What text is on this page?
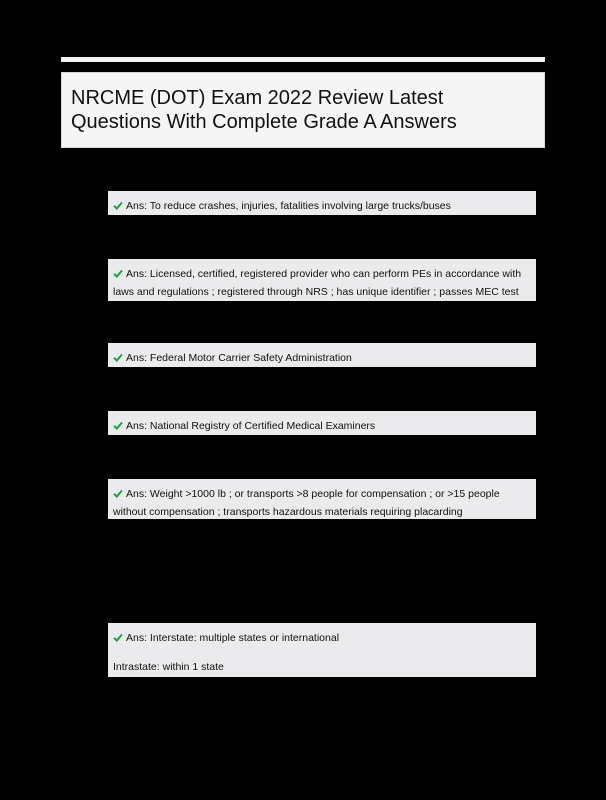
NRCME (DOT) Exam 2022 Review Latest Questions With Complete Grade A Answers

Ans: To reduce crashes, injuries, fatalities involving large trucks/buses

Ans: Licensed, certified, registered provider who can perform PEs in accordance with laws and regulations ; registered through NRS ; has unique identifier ; passes MEC test

Ans: Federal Motor Carrier Safety Administration

Ans: National Registry of Certified Medical Examiners

Ans: Weight >1000 lb ; or transports >8 people for compensation ; or >15 people without compensation ; transports hazardous materials requiring placarding

Ans: Interstate: multiple states or international

Intrastate: within 1 state
